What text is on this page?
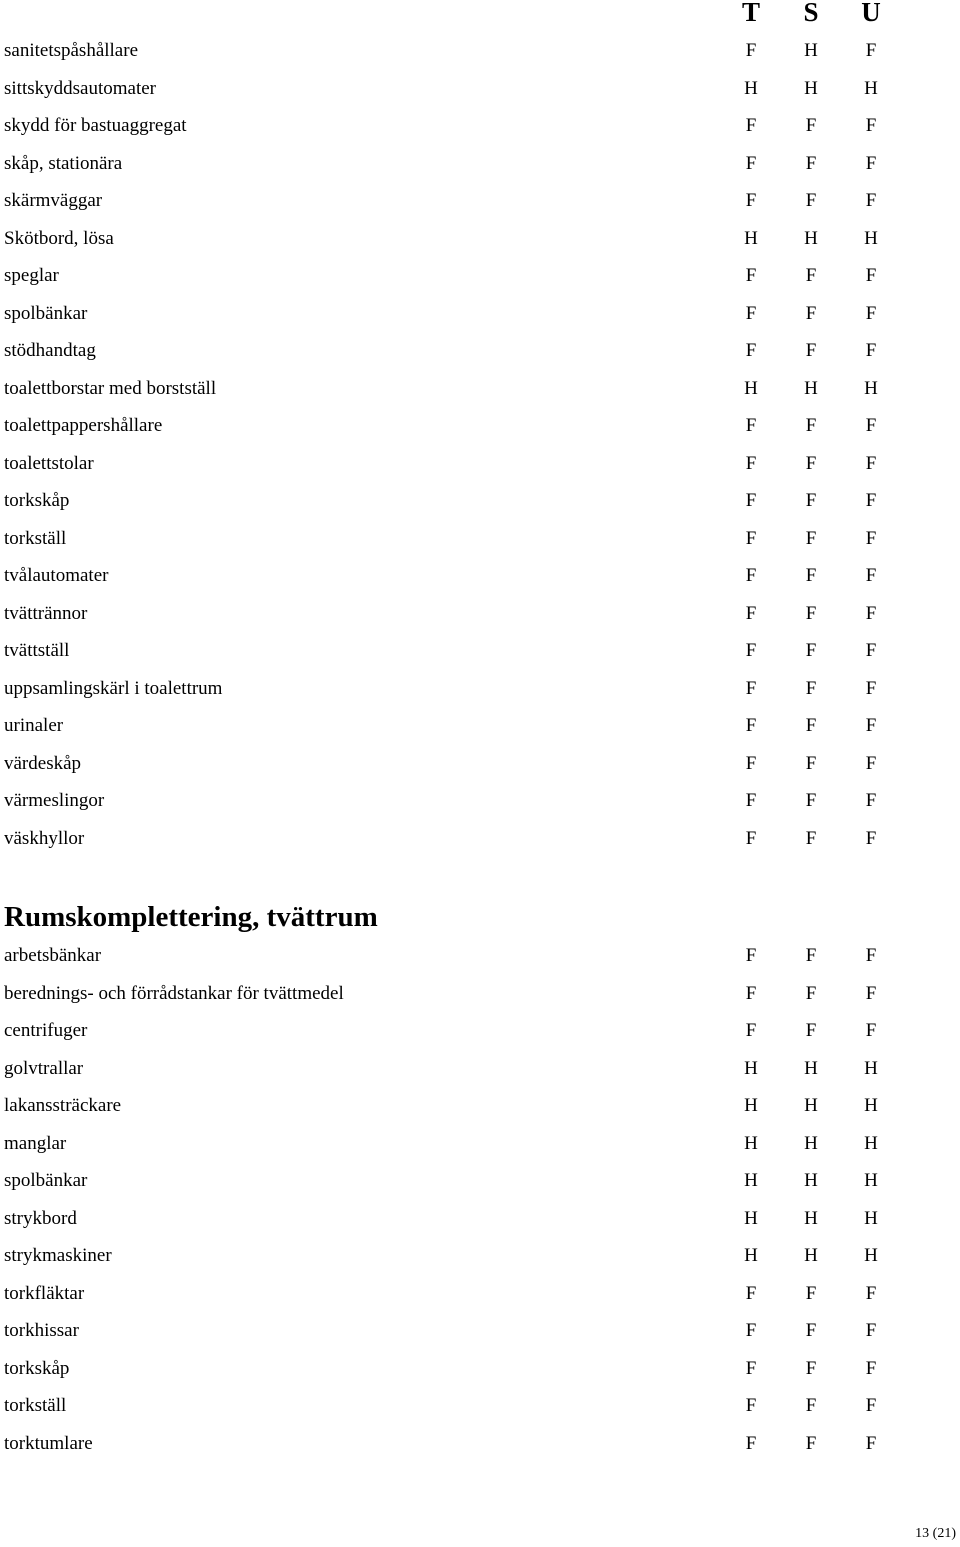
T	S	U
sanitetspåshållare	F	H	F
sittskyddsautomater	H	H	H
skydd för bastuaggregat	F	F	F
skåp, stationära	F	F	F
skärmväggar	F	F	F
Skötbord, lösa	H	H	H
speglar	F	F	F
spolbänkar	F	F	F
stödhandtag	F	F	F
toalettborstar med borstställ	H	H	H
toalettpappershållare	F	F	F
toalettstolar	F	F	F
torkskåp	F	F	F
torkställ	F	F	F
tvålautomater	F	F	F
tvättrännor	F	F	F
tvättställ	F	F	F
uppsamlingskärl i toalettrum	F	F	F
urinaler	F	F	F
värdeskåp	F	F	F
värmeslingor	F	F	F
väskhyllor	F	F	F
Rumskomplettering, tvättrum
arbetsbänkar	F	F	F
berednings- och förrådstankar för tvättmedel	F	F	F
centrifuger	F	F	F
golvtrallar	H	H	H
lakanssträckare	H	H	H
manglar	H	H	H
spolbänkar	H	H	H
strykbord	H	H	H
strykmaskiner	H	H	H
torkfläktar	F	F	F
torkhissar	F	F	F
torkskåp	F	F	F
torkställ	F	F	F
torktumlare	F	F	F
13 (21)
